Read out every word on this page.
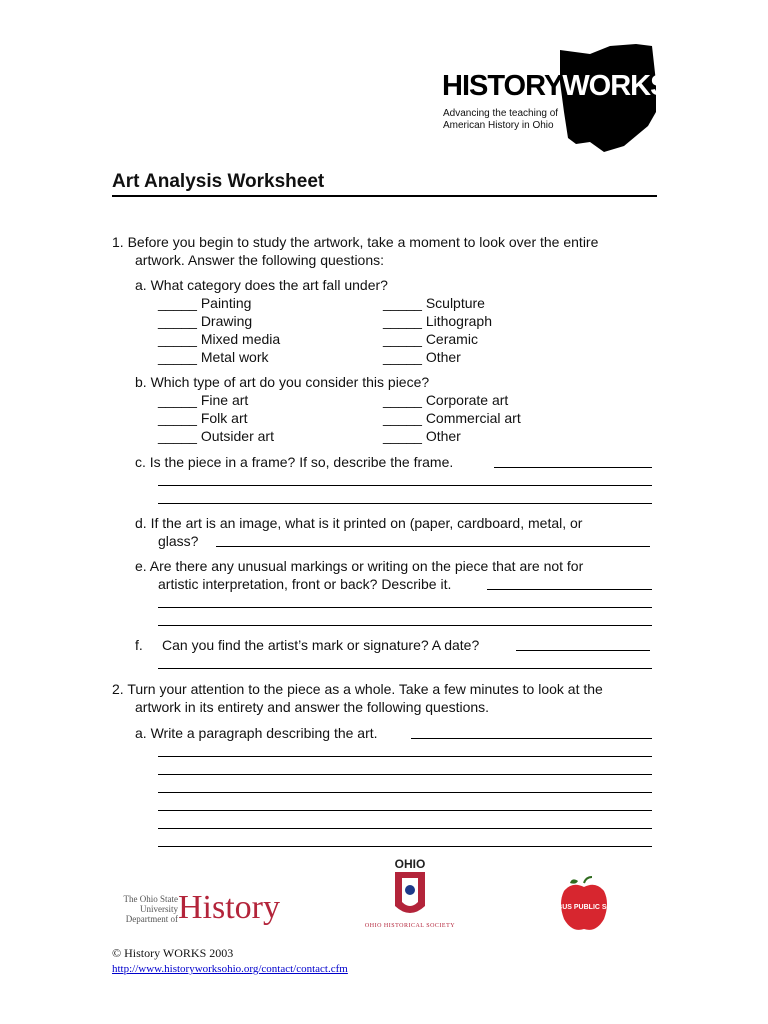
HISTORYWORKS
Advancing the teaching of
American History in Ohio
Art Analysis Worksheet
1. Before you begin to study the artwork, take a moment to look over the entire
artwork. Answer the following questions:
a. What category does the art fall under?
_____ Painting	_____ Sculpture
_____ Drawing	_____ Lithograph
_____ Mixed media	_____ Ceramic
_____ Metal work	_____ Other
b. Which type of art do you consider this piece?
_____ Fine art	_____ Corporate art
_____ Folk art	_____ Commercial art
_____ Outsider art	_____ Other
c. Is the piece in a frame? If so, describe the frame.
d. If the art is an image, what is it printed on (paper, cardboard, metal, or
glass?
e. Are there any unusual markings or writing on the piece that are not for
artistic interpretation, front or back? Describe it.
f. Can you find the artist’s mark or signature? A date?
2. Turn your attention to the piece as a whole. Take a few minutes to look at the
artwork in its entirety and answer the following questions.
a. Write a paragraph describing the art.
The Ohio State University Department of History
OHIO
OHIO HISTORICAL SOCIETY
COLUMBUS PUBLIC SCHOOLS
© History WORKS 2003
http://www.historyworksohio.org/contact/contact.cfm
